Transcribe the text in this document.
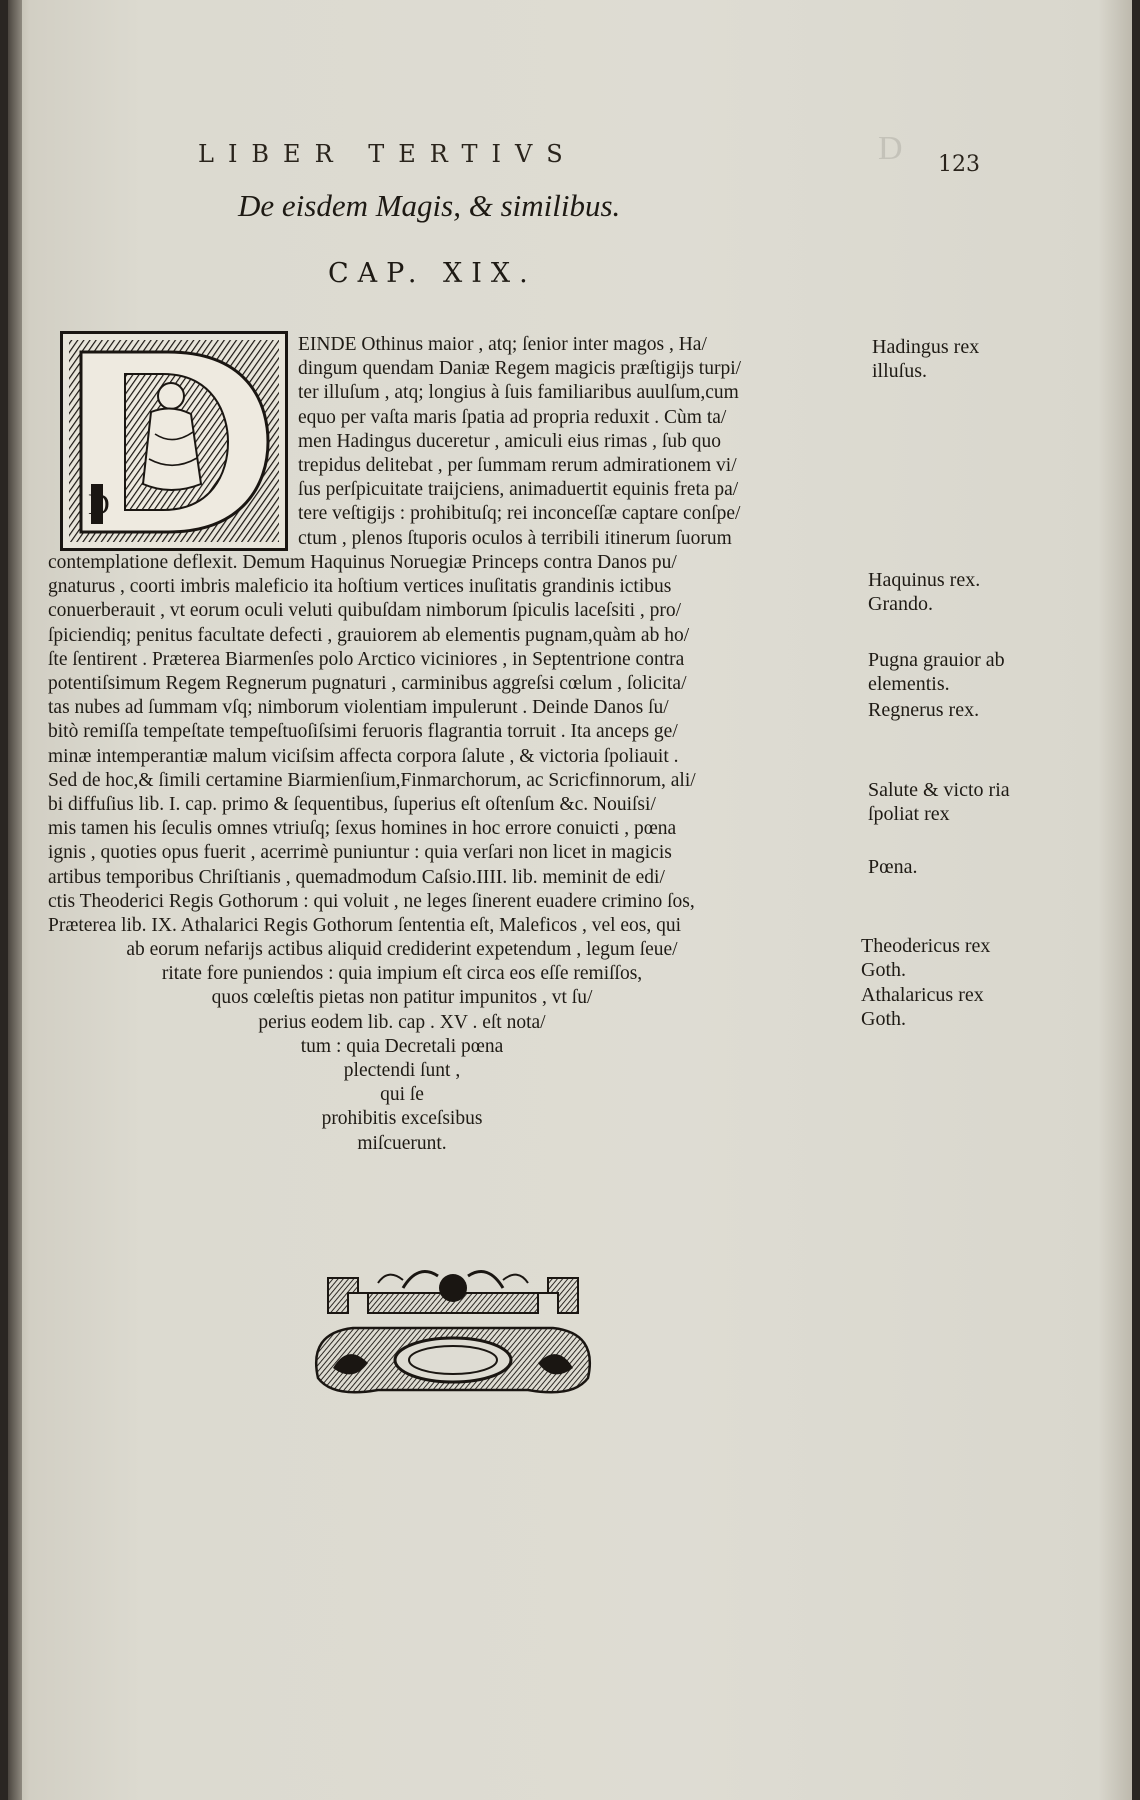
D
LIBER TERTIVS	123
De eisdem Magis, & similibus.
CAP. XIX.
D
EINDE Othinus maior , atq; ſenior inter magos , Ha/
dingum quendam Daniæ Regem magicis præſtigijs turpi/
ter illuſum , atq; longius à ſuis familiaribus auulſum,cum
equo per vaſta maris ſpatia ad propria reduxit . Cùm ta/
men Hadingus duceretur , amiculi eius rimas , ſub quo
trepidus delitebat , per ſummam rerum admirationem vi/
ſus perſpicuitate traijciens, animaduertit equinis freta pa/
tere veſtigijs : prohibituſq; rei inconceſſæ captare conſpe/
ctum , plenos ſtuporis oculos à terribili itinerum ſuorum
contemplatione deflexit. Demum Haquinus Noruegiæ Princeps contra Danos pu/
gnaturus , coorti imbris maleficio ita hoſtium vertices inuſitatis grandinis ictibus
conuerberauit , vt eorum oculi veluti quibuſdam nimborum ſpiculis laceſsiti , pro/
ſpiciendiq; penitus facultate defecti , grauiorem ab elementis pugnam,quàm ab ho/
ſte ſentirent . Præterea Biarmenſes polo Arctico viciniores , in Septentrione contra
potentiſsimum Regem Regnerum pugnaturi , carminibus aggreſsi cœlum , ſolicita/
tas nubes ad ſummam vſq; nimborum violentiam impulerunt . Deinde Danos ſu/
bitò remiſſa tempeſtate tempeſtuoſiſsimi feruoris flagrantia torruit . Ita anceps ge/
minæ intemperantiæ malum viciſsim affecta corpora ſalute , & victoria ſpoliauit .
Sed de hoc,& ſimili certamine Biarmienſium,Finmarchorum, ac Scricfinnorum, ali/
bi diffuſius lib. I. cap. primo & ſequentibus, ſuperius eſt oſtenſum &c. Nouiſsi/
mis tamen his ſeculis omnes vtriuſq; ſexus homines in hoc errore conuicti , pœna
ignis , quoties opus fuerit , acerrimè puniuntur : quia verſari non licet in magicis
artibus temporibus Chriſtianis , quemadmodum Caſsio.IIII. lib. meminit de edi/
ctis Theoderici Regis Gothorum : qui voluit , ne leges ſinerent euadere crimino ſos,
Præterea lib. IX. Athalarici Regis Gothorum ſententia eſt, Maleficos , vel eos, qui
ab eorum nefarijs actibus aliquid crediderint expetendum , legum ſeue/
ritate fore puniendos : quia impium eſt circa eos eſſe remiſſos,
quos cœleſtis pietas non patitur impunitos , vt ſu/
perius eodem lib. cap . XV . eſt nota/
tum : quia Decretali pœna
plectendi ſunt ,
qui ſe
prohibitis exceſsibus
miſcuerunt.
Hadingus rex illuſus.
Haquinus rex. Grando.
Pugna grauior ab elementis.
Regnerus rex.
Salute & victo ria ſpoliat rex
Pœna.
Theodericus rex Goth.
Athalaricus rex Goth.
